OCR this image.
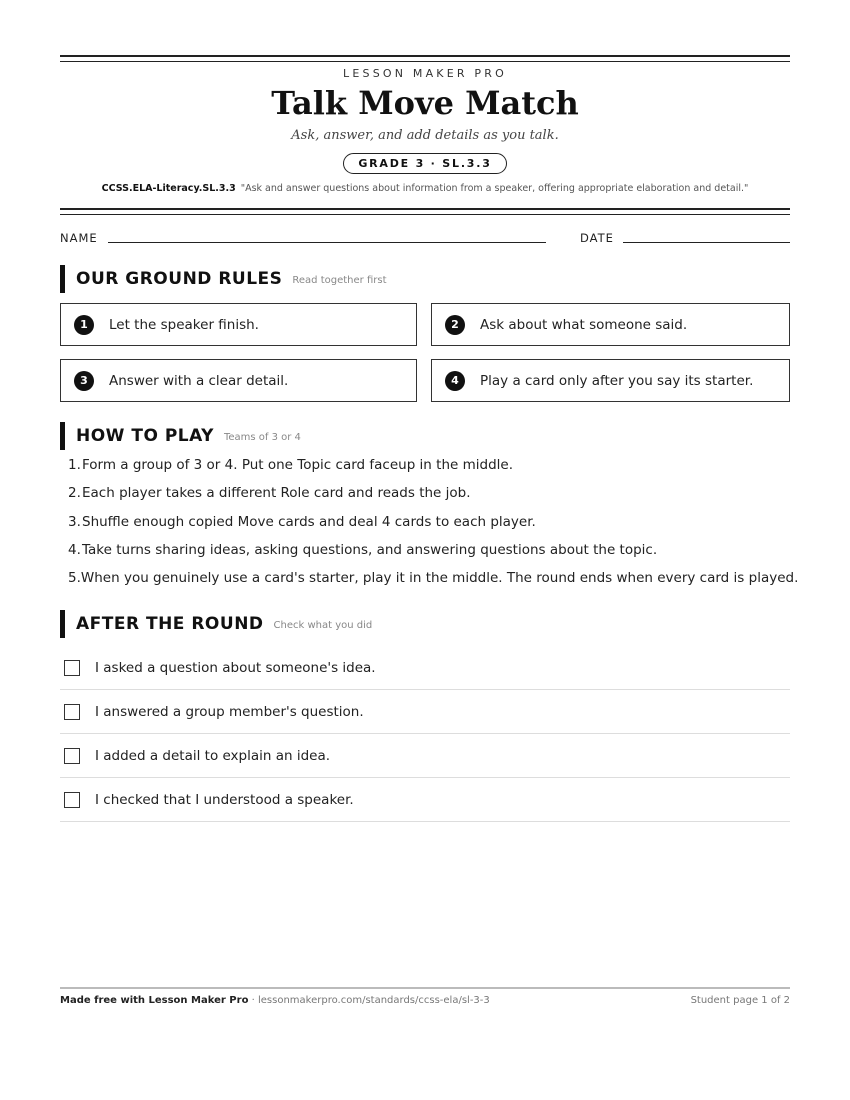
LESSON MAKER PRO
Talk Move Match
Ask, answer, and add details as you talk.
GRADE 3 · SL.3.3
CCSS.ELA-Literacy.SL.3.3 "Ask and answer questions about information from a speaker, offering appropriate elaboration and detail."
NAME	DATE
OUR GROUND RULES Read together first
1	Let the speaker finish.	2	Ask about what someone said.
3	Answer with a clear detail.	4	Play a card only after you say its starter.
HOW TO PLAY Teams of 3 or 4
1. Form a group of 3 or 4. Put one Topic card faceup in the middle.
2. Each player takes a different Role card and reads the job.
3. Shuffle enough copied Move cards and deal 4 cards to each player.
4. Take turns sharing ideas, asking questions, and answering questions about the topic.
5. When you genuinely use a card's starter, play it in the middle. The round ends when every card is played.
AFTER THE ROUND Check what you did
I asked a question about someone's idea.
I answered a group member's question.
I added a detail to explain an idea.
I checked that I understood a speaker.
Made free with Lesson Maker Pro · lessonmakerpro.com/standards/ccss-ela/sl-3-3	Student page 1 of 2
